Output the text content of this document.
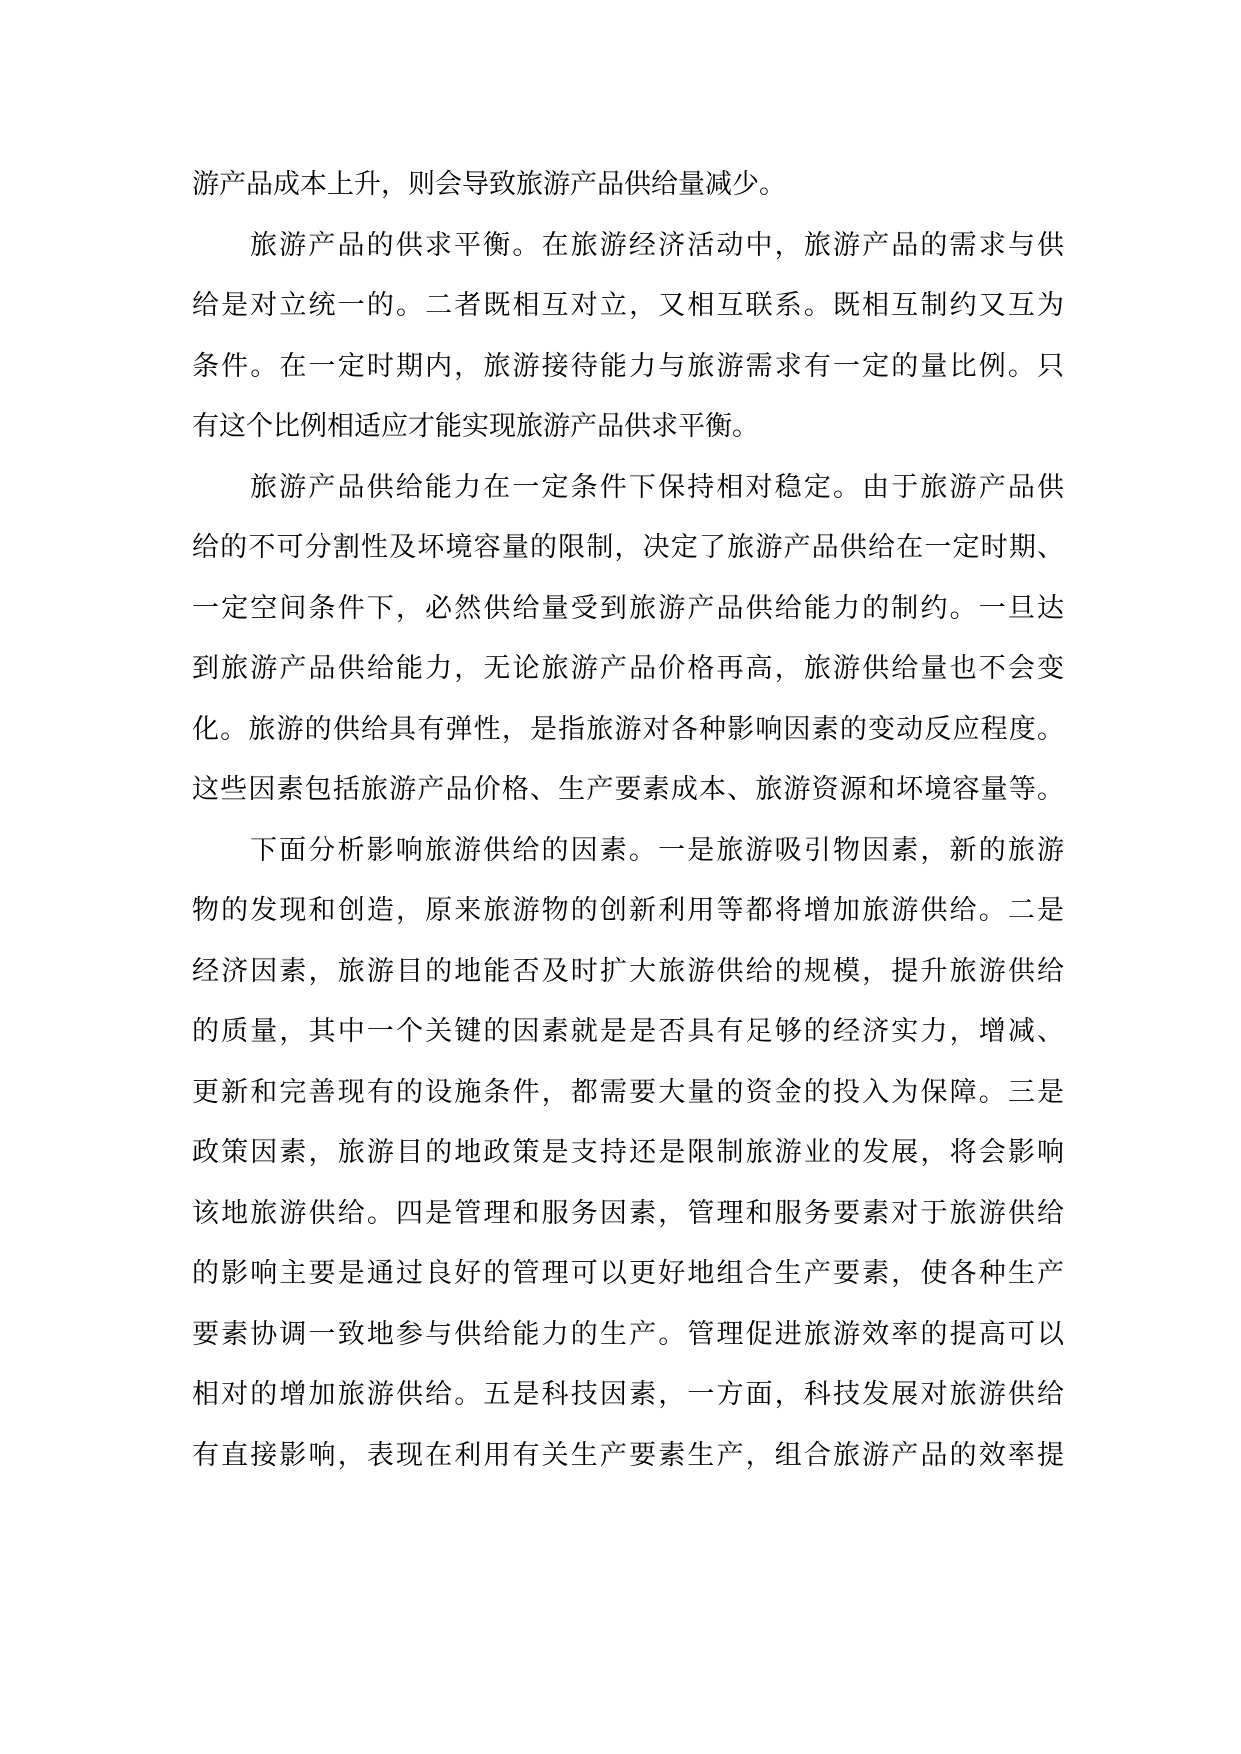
游产品成本上升，则会导致旅游产品供给量减少。
旅游产品的供求平衡。在旅游经济活动中，旅游产品的需求与供
给是对立统一的。二者既相互对立，又相互联系。既相互制约又互为
条件。在一定时期内，旅游接待能力与旅游需求有一定的量比例。只
有这个比例相适应才能实现旅游产品供求平衡。
旅游产品供给能力在一定条件下保持相对稳定。由于旅游产品供
给的不可分割性及坏境容量的限制，决定了旅游产品供给在一定时期、
一定空间条件下，必然供给量受到旅游产品供给能力的制约。一旦达
到旅游产品供给能力，无论旅游产品价格再高，旅游供给量也不会变
化。旅游的供给具有弹性，是指旅游对各种影响因素的变动反应程度。
这些因素包括旅游产品价格、生产要素成本、旅游资源和坏境容量等。
下面分析影响旅游供给的因素。一是旅游吸引物因素，新的旅游
物的发现和创造，原来旅游物的创新利用等都将增加旅游供给。二是
经济因素，旅游目的地能否及时扩大旅游供给的规模，提升旅游供给
的质量，其中一个关键的因素就是是否具有足够的经济实力，增减、
更新和完善现有的设施条件，都需要大量的资金的投入为保障。三是
政策因素，旅游目的地政策是支持还是限制旅游业的发展，将会影响
该地旅游供给。四是管理和服务因素，管理和服务要素对于旅游供给
的影响主要是通过良好的管理可以更好地组合生产要素，使各种生产
要素协调一致地参与供给能力的生产。管理促进旅游效率的提高可以
相对的增加旅游供给。五是科技因素，一方面，科技发展对旅游供给
有直接影响，表现在利用有关生产要素生产，组合旅游产品的效率提
